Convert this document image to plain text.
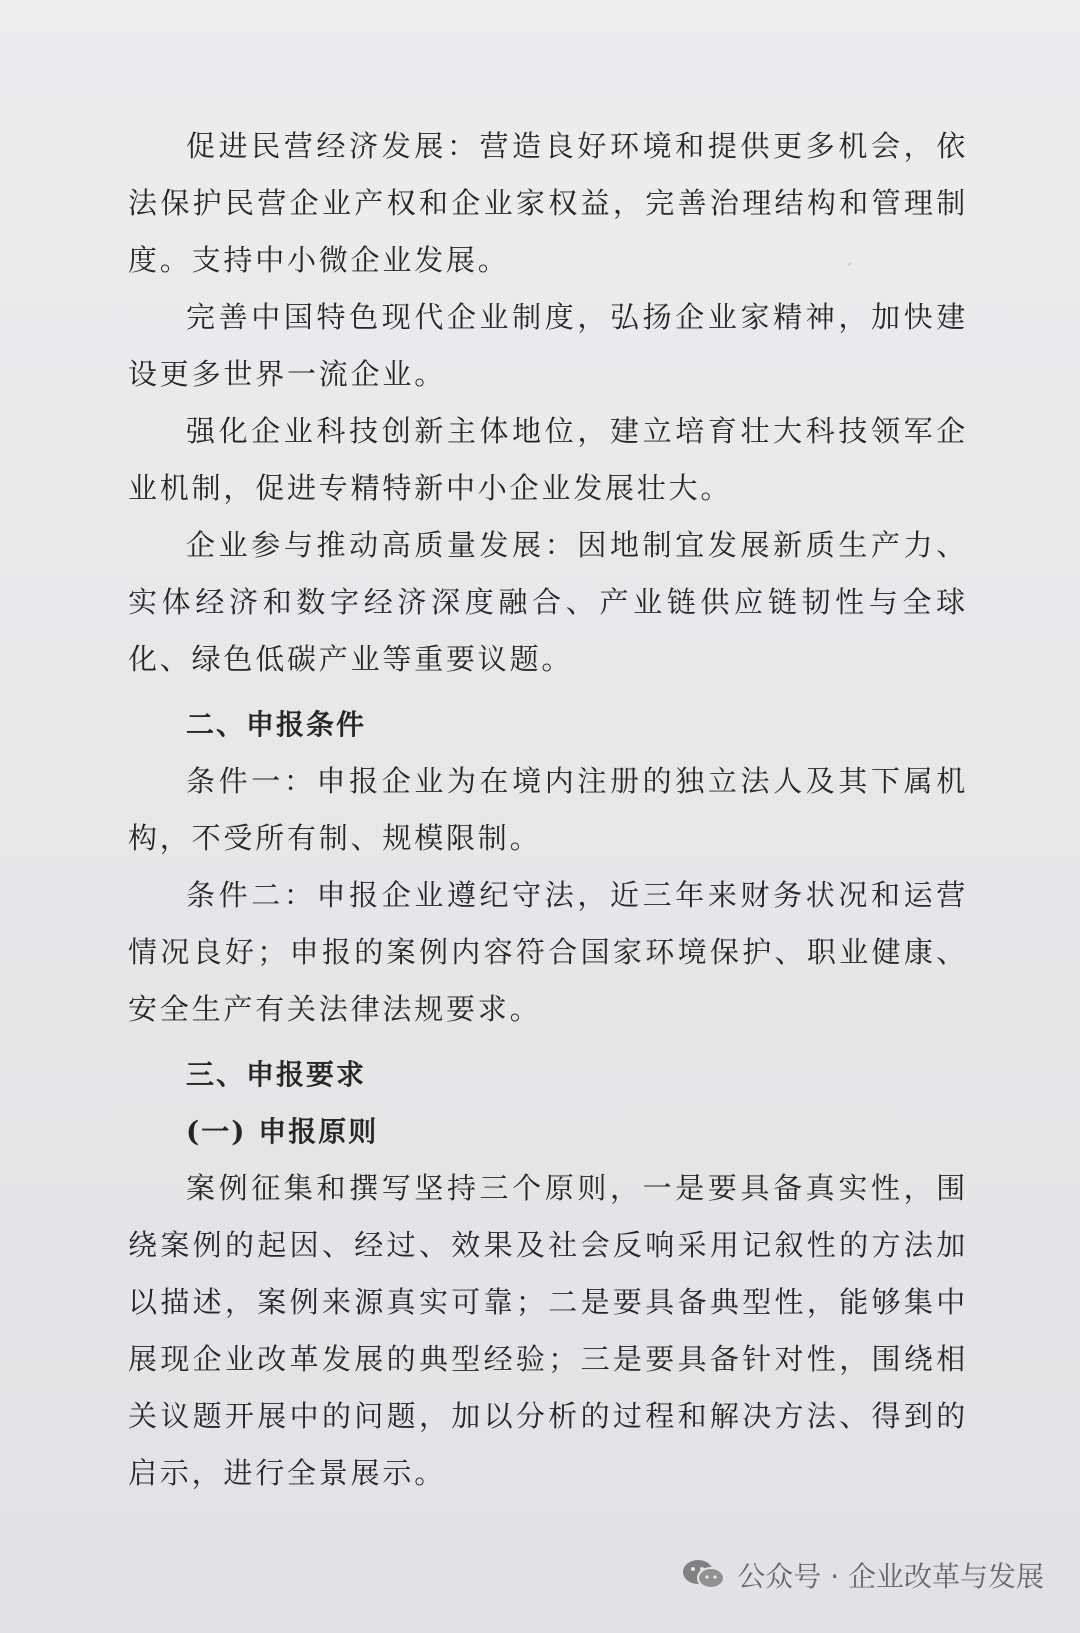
´

促进民营经济发展：营造良好环境和提供更多机会，依法保护民营企业产权和企业家权益，完善治理结构和管理制度。支持中小微企业发展。

完善中国特色现代企业制度，弘扬企业家精神，加快建设更多世界一流企业。

强化企业科技创新主体地位，建立培育壮大科技领军企业机制，促进专精特新中小企业发展壮大。

企业参与推动高质量发展：因地制宜发展新质生产力、实体经济和数字经济深度融合、产业链供应链韧性与全球化、绿色低碳产业等重要议题。

二、申报条件

条件一：申报企业为在境内注册的独立法人及其下属机构，不受所有制、规模限制。

条件二：申报企业遵纪守法，近三年来财务状况和运营情况良好；申报的案例内容符合国家环境保护、职业健康、安全生产有关法律法规要求。

三、申报要求
(一) 申报原则

案例征集和撰写坚持三个原则，一是要具备真实性，围绕案例的起因、经过、效果及社会反响采用记叙性的方法加以描述，案例来源真实可靠；二是要具备典型性，能够集中展现企业改革发展的典型经验；三是要具备针对性，围绕相关议题开展中的问题，加以分析的过程和解决方法、得到的启示，进行全景展示。

公众号 · 企业改革与发展
